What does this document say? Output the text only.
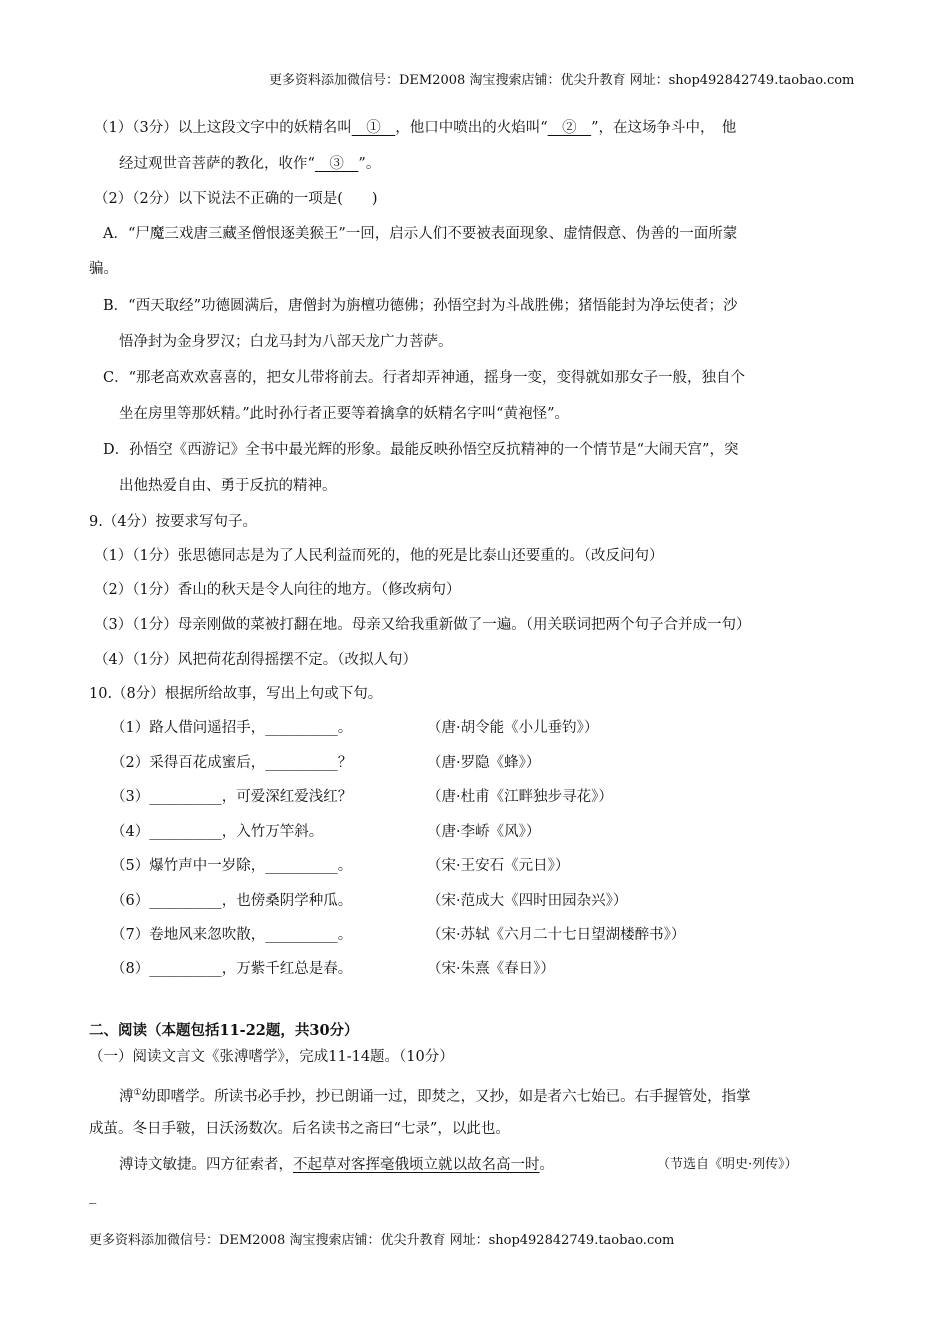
更多资料添加微信号：DEM2008 淘宝搜索店铺：优尖升教育 网址：shop492842749.taobao.com
（1）（3分）以上这段文字中的妖精名叫　①　，他口中喷出的火焰叫“　②　”，在这场争斗中，　他
经过观世音菩萨的教化，收作“　③　”。
（2）（2分）以下说法不正确的一项是(　　)
A．“尸魔三戏唐三藏圣僧恨逐美猴王”一回，启示人们不要被表面现象、虚情假意、伪善的一面所蒙
骗。
B．“西天取经”功德圆满后，唐僧封为旃檀功德佛；孙悟空封为斗战胜佛；猪悟能封为净坛使者；沙
悟净封为金身罗汉；白龙马封为八部天龙广力菩萨。
C．“那老高欢欢喜喜的，把女儿带将前去。行者却弄神通，摇身一变，变得就如那女子一般，独自个
坐在房里等那妖精。”此时孙行者正要等着擒拿的妖精名字叫“黄袍怪”。
D．孙悟空《西游记》全书中最光辉的形象。最能反映孙悟空反抗精神的一个情节是“大闹天宫”，突
出他热爱自由、勇于反抗的精神。
9.（4分）按要求写句子。
（1）（1分）张思德同志是为了人民利益而死的，他的死是比泰山还要重的。（改反问句）
（2）（1分）香山的秋天是令人向往的地方。（修改病句）
（3）（1分）母亲刚做的菜被打翻在地。母亲又给我重新做了一遍。（用关联词把两个句子合并成一句）
（4）（1分）风把荷花刮得摇摆不定。（改拟人句）
10.（8分）根据所给故事，写出上句或下句。
（1）路人借问遥招手，__________。	（唐·胡令能《小儿垂钓》）
（2）采得百花成蜜后，__________？	（唐·罗隐《蜂》）
（3）__________，可爱深红爱浅红？	（唐·杜甫《江畔独步寻花》）
（4）__________，入竹万竿斜。	（唐·李峤《风》）
（5）爆竹声中一岁除，__________。	（宋·王安石《元日》）
（6）__________，也傍桑阴学种瓜。	（宋·范成大《四时田园杂兴》）
（7）卷地风来忽吹散，__________。	（宋·苏轼《六月二十七日望湖楼醉书》）
（8）__________，万紫千红总是春。	（宋·朱熹《春日》）
二、阅读（本题包括11-22题，共30分）
（一）阅读文言文《张溥嗜学》，完成11-14题。（10分）
溥①幼即嗜学。所读书必手抄，抄已朗诵一过，即焚之，又抄，如是者六七始已。右手握管处，指掌
成茧。冬日手皲，日沃汤数次。后名读书之斋曰“七录”，以此也。
溥诗文敏捷。四方征索者，不起草对客挥毫俄顷立就以故名高一时。	（节选自《明史·列传》）
_
更多资料添加微信号：DEM2008 淘宝搜索店铺：优尖升教育 网址：shop492842749.taobao.com
